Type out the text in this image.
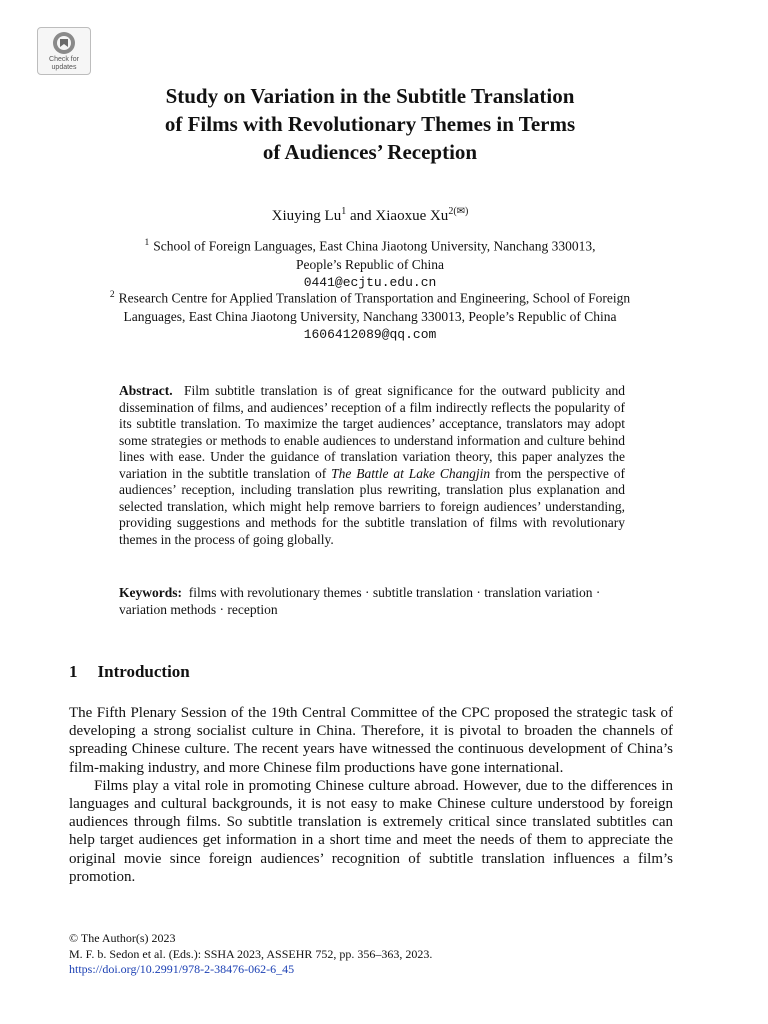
Check for
updates
Study on Variation in the Subtitle Translation
of Films with Revolutionary Themes in Terms
of Audiences’ Reception
Xiuying Lu$^1$ and Xiaoxue $Xu^{2(✉)}$
$^1$ School of Foreign Languages, East China Jiaotong University, Nanchang 330013,
People’s Republic of China
0441@ecjtu.edu.cn
$^2$ Research Centre for Applied Translation of Transportation and Engineering, School of Foreign
Languages, East China Jiaotong University, Nanchang 330013, People’s Republic of China
1606412089@qq.com
Abstract. Film subtitle translation is of great significance for the outward publicity and dissemination of films, and audiences’ reception of a film indirectly reflects the popularity of its subtitle translation. To maximize the target audiences’ acceptance, translators may adopt some strategies or methods to enable audiences to understand information and culture behind lines with ease. Under the guidance of translation variation theory, this paper analyzes the variation in the subtitle translation of The Battle at Lake Changjin from the perspective of audiences’ reception, including translation plus rewriting, translation plus explanation and selected translation, which might help remove barriers to foreign audiences’ understanding, providing suggestions and methods for the subtitle translation of films with revolutionary themes in the process of going globally.
Keywords: films with revolutionary themes · subtitle translation · translation variation · variation methods · reception
1 Introduction

The Fifth Plenary Session of the 19th Central Committee of the CPC proposed the strategic task of developing a strong socialist culture in China. Therefore, it is pivotal to broaden the channels of spreading Chinese culture. The recent years have witnessed the continuous development of China’s film-making industry, and more Chinese film productions have gone international.

Films play a vital role in promoting Chinese culture abroad. However, due to the differences in languages and cultural backgrounds, it is not easy to make Chinese culture understood by foreign audiences through films. So subtitle translation is extremely critical since translated subtitles can help target audiences get information in a short time and meet the needs of them to appreciate the original movie since foreign audiences’ recognition of subtitle translation influences a film’s promotion.

© The Author(s) 2023
M. F. b. Sedon et al. (Eds.): SSHA 2023, ASSEHR 752, pp. 356–363, 2023.
https://doi.org/10.2991/978-2-38476-062-6_45
